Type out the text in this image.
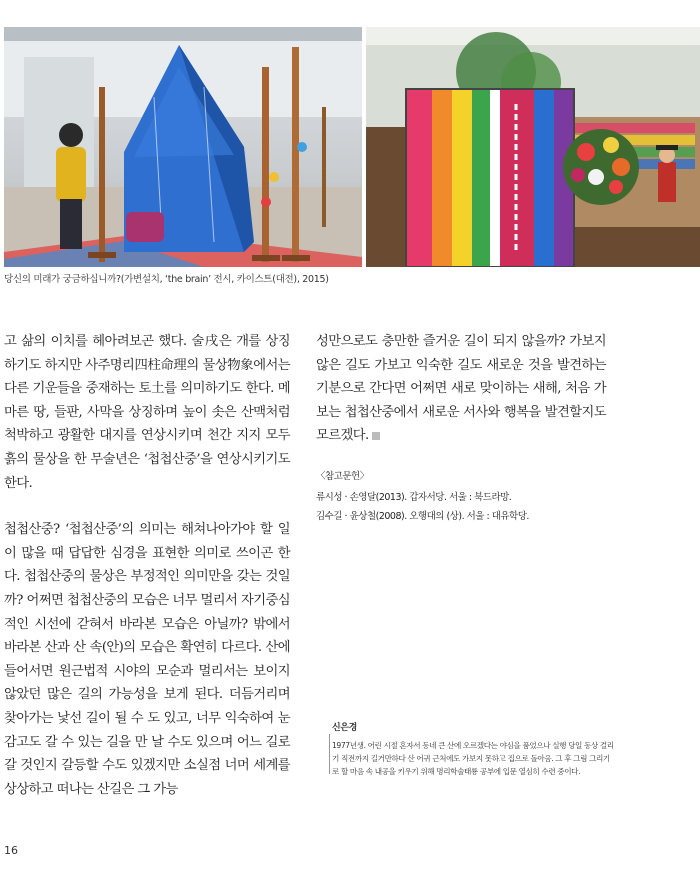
당신의 미래가 궁금하십니까?(가변설치, ‘the brain’ 전시, 카이스트(대전), 2015)

고 삶의 이치를 헤아려보곤 했다. 술戌은 개를 상징하기도 하지만 사주명리四柱命理의 물상物象에서는 다른 기운들을 중재하는 토土를 의미하기도 한다. 메마른 땅, 들판, 사막을 상징하며 높이 솟은 산맥처럼 척박하고 광활한 대지를 연상시키며 천간 지지 모두 흙의 물상을 한 무술년은 ‘첩첩산중’을 연상시키기도 한다.

첩첩산중? ‘첩첩산중’의 의미는 해쳐나아가야 할 일이 많을 때 답답한 심경을 표현한 의미로 쓰이곤 한다. 첩첩산중의 물상은 부정적인 의미만을 갖는 것일까? 어쩌면 첩첩산중의 모습은 너무 멀리서 자기중심적인 시선에 갇혀서 바라본 모습은 아닐까? 밖에서 바라본 산과 산 속(안)의 모습은 확연히 다르다. 산에 들어서면 원근법적 시야의 모순과 멀리서는 보이지 않았던 많은 길의 가능성을 보게 된다. 더듬거리며 찾아가는 낯선 길이 될 수 도 있고, 너무 익숙하여 눈 감고도 갈 수 있는 길을 만 날 수도 있으며 어느 길로 갈 것인지 갈등할 수도 있겠지만 소실점 너머 세계를 상상하고 떠나는 산길은 그 가능

성만으로도 충만한 즐거운 길이 되지 않을까? 가보지 않은 길도 가보고 익숙한 길도 새로운 것을 발견하는 기분으로 간다면 어쩌면 새로 맞이하는 새해, 처음 가보는 첩첩산중에서 새로운 서사와 행복을 발견할지도 모르겠다.

〈참고문헌〉
류시성 · 손영달(2013). 갑자서당. 서울 : 북드라망.
김수길 · 윤상철(2008). 오행대의 (상). 서울 : 대유학당.
신은경
1977년생. 어린 시절 혼자서 동네 큰 산에 오르겠다는 야심을 품었으나 실행 당일 동상 걸리기 직전까지 길거만하다 산 어귀 근처에도 가보지 못하고 집으로 돌아옴. 그 후 그림 그리기로 할 마음 속 내공을 키우기 위해 명리학술태룡 공부에 입문 열심히 수련 중이다.
16
